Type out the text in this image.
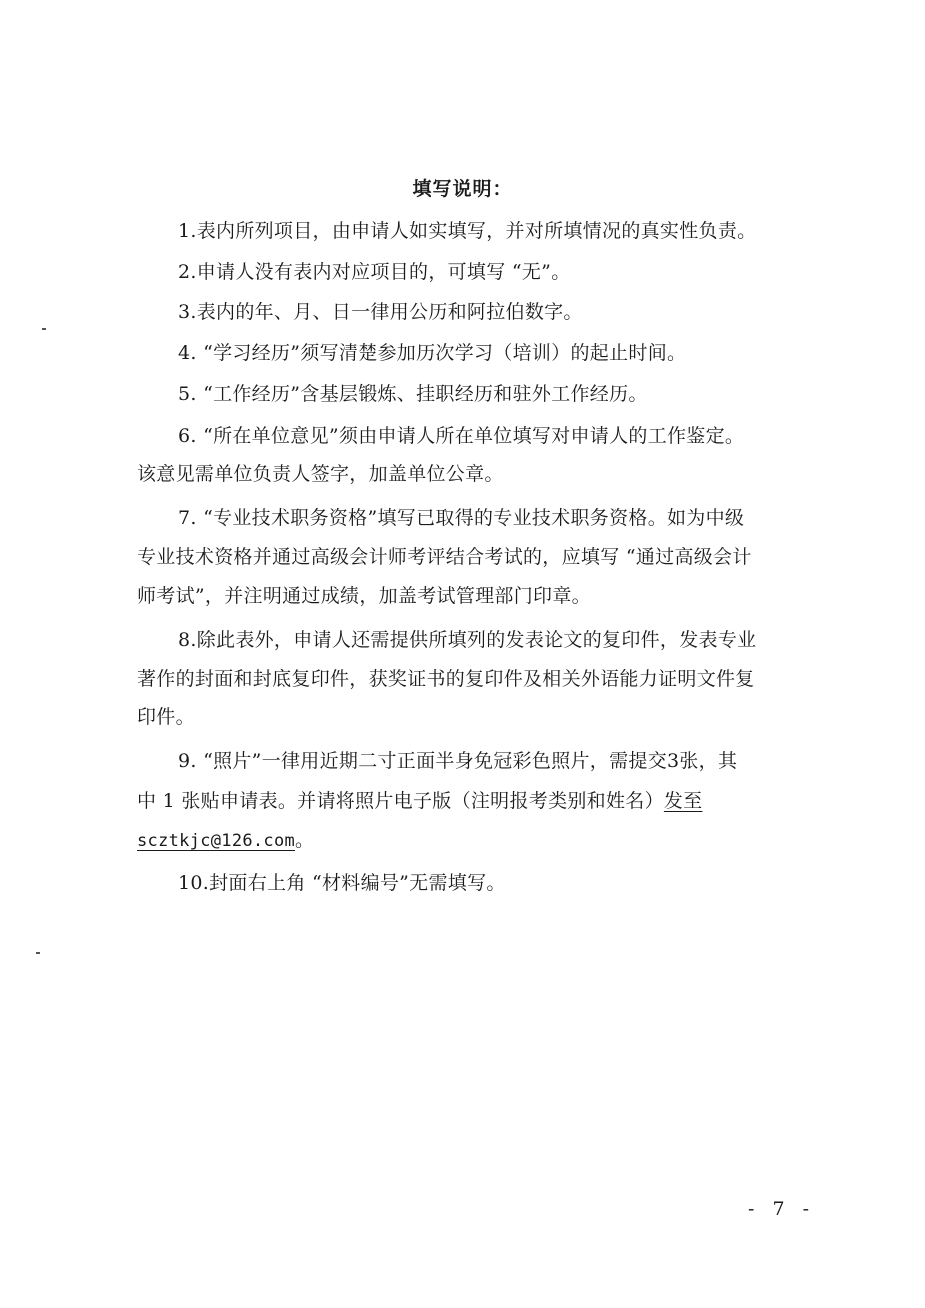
填写说明：
1.表内所列项目，由申请人如实填写，并对所填情况的真实性负责。
2.申请人没有表内对应项目的，可填写 “无”。
3.表内的年、月、日一律用公历和阿拉伯数字。
4. “学习经历”须写清楚参加历次学习（培训）的起止时间。
5. “工作经历”含基层锻炼、挂职经历和驻外工作经历。
6. “所在单位意见”须由申请人所在单位填写对申请人的工作鉴定。
该意见需单位负责人签字，加盖单位公章。
7. “专业技术职务资格”填写已取得的专业技术职务资格。如为中级
专业技术资格并通过高级会计师考评结合考试的，应填写 “通过高级会计
师考试”，并注明通过成绩，加盖考试管理部门印章。
8.除此表外，申请人还需提供所填列的发表论文的复印件，发表专业
著作的封面和封底复印件，获奖证书的复印件及相关外语能力证明文件复
印件。
9. “照片”一律用近期二寸正面半身免冠彩色照片，需提交3张，其
中 1 张贴申请表。并请将照片电子版（注明报考类别和姓名）发至
scztkjc@126.com。
10.封面右上角 “材料编号”无需填写。
- 7 -
